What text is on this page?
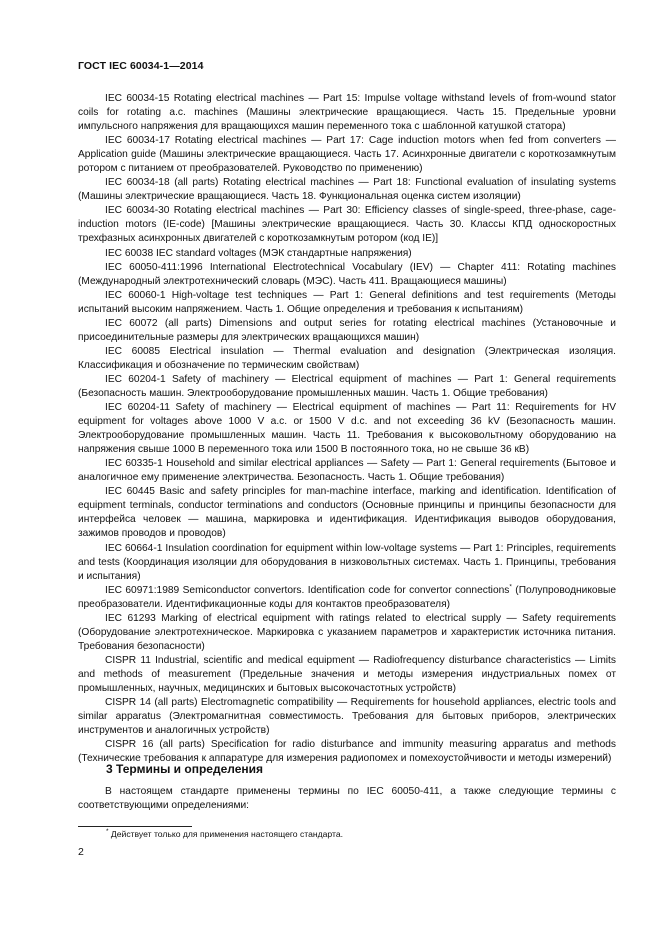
ГОСТ IEC 60034-1—2014

IEC 60034-15 Rotating electrical machines — Part 15: Impulse voltage withstand levels of from-wound stator coils for rotating a.c. machines (Машины электрические вращающиеся. Часть 15. Предельные уровни импульсного напряжения для вращающихся машин переменного тока с шаблонной катушкой статора)

IEC 60034-17 Rotating electrical machines — Part 17: Cage induction motors when fed from converters — Application guide (Машины электрические вращающиеся. Часть 17. Асинхронные двигатели с короткозамкнутым ротором с питанием от преобразователей. Руководство по применению)

IEC 60034-18 (all parts) Rotating electrical machines — Part 18: Functional evaluation of insulating systems (Машины электрические вращающиеся. Часть 18. Функциональная оценка систем изоляции)

IEC 60034-30 Rotating electrical machines — Part 30: Efficiency classes of single-speed, three-phase, cage-induction motors (IE-code) [Машины электрические вращающиеся. Часть 30. Классы КПД односкоростных трехфазных асинхронных двигателей с короткозамкнутым ротором (код IE)]

IEC 60038 IEC standard voltages (МЭК стандартные напряжения)

IEC 60050-411:1996 International Electrotechnical Vocabulary (IEV) — Chapter 411: Rotating machines (Международный электротехнический словарь (МЭС). Часть 411. Вращающиеся машины)

IEC 60060-1 High-voltage test techniques — Part 1: General definitions and test requirements (Методы испытаний высоким напряжением. Часть 1. Общие определения и требования к испытаниям)

IEC 60072 (all parts) Dimensions and output series for rotating electrical machines (Установочные и присоединительные размеры для электрических вращающихся машин)

IEC 60085 Electrical insulation — Thermal evaluation and designation (Электрическая изоляция. Классификация и обозначение по термическим свойствам)

IEC 60204-1 Safety of machinery — Electrical equipment of machines — Part 1: General requirements (Безопасность машин. Электрооборудование промышленных машин. Часть 1. Общие требования)

IEC 60204-11 Safety of machinery — Electrical equipment of machines — Part 11: Requirements for HV equipment for voltages above 1000 V a.c. or 1500 V d.c. and not exceeding 36 kV (Безопасность машин. Электрооборудование промышленных машин. Часть 11. Требования к высоковольтному оборудованию на напряжения свыше 1000 В переменного тока или 1500 В постоянного тока, но не свыше 36 кВ)

IEC 60335-1 Household and similar electrical appliances — Safety — Part 1: General requirements (Бытовое и аналогичное ему применение электричества. Безопасность. Часть 1. Общие требования)

IEC 60445 Basic and safety principles for man-machine interface, marking and identification. Identification of equipment terminals, conductor terminations and conductors (Основные принципы и принципы безопасности для интерфейса человек — машина, маркировка и идентификация. Идентификация выводов оборудования, зажимов проводов и проводов)

IEC 60664-1 Insulation coordination for equipment within low-voltage systems — Part 1: Principles, requirements and tests (Координация изоляции для оборудования в низковольтных системах. Часть 1. Принципы, требования и испытания)

IEC 60971:1989 Semiconductor convertors. Identification code for convertor connections* (Полупроводниковые преобразователи. Идентификационные коды для контактов преобразователя)

IEC 61293 Marking of electrical equipment with ratings related to electrical supply — Safety requirements (Оборудование электротехническое. Маркировка с указанием параметров и характеристик источника питания. Требования безопасности)

CISPR 11 Industrial, scientific and medical equipment — Radiofrequency disturbance characteristics — Limits and methods of measurement (Предельные значения и методы измерения индустриальных помех от промышленных, научных, медицинских и бытовых высокочастотных устройств)

CISPR 14 (all parts) Electromagnetic compatibility — Requirements for household appliances, electric tools and similar apparatus (Электромагнитная совместимость. Требования для бытовых приборов, электрических инструментов и аналогичных устройств)

CISPR 16 (all parts) Specification for radio disturbance and immunity measuring apparatus and methods (Технические требования к аппаратуре для измерения радиопомех и помехоустойчивости и методы измерений)

3 Термины и определения

В настоящем стандарте применены термины по IEC 60050-411, а также следующие термины с соответствующими определениями:

* Действует только для применения настоящего стандарта.
2
